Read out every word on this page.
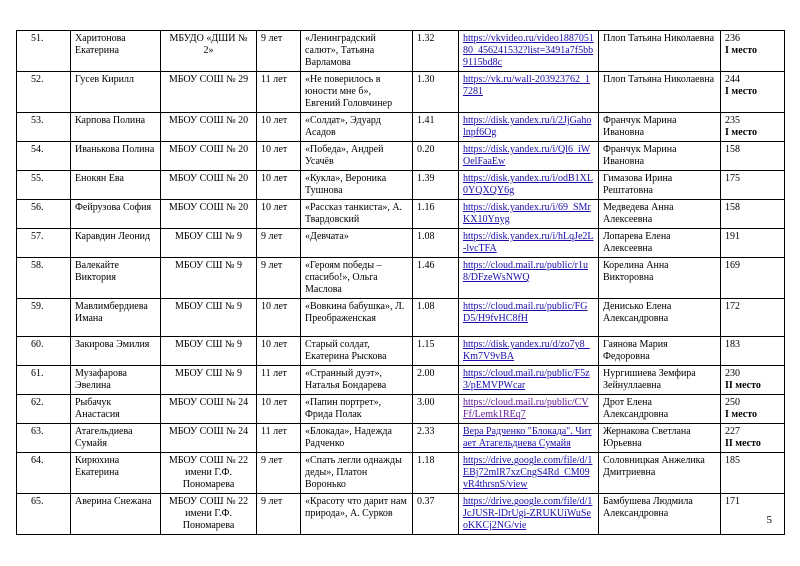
51.	Харитонова Екатерина	МБУДО «ДШИ № 2»	9 лет	«Ленинградский салют», Татьяна Варламова	1.32	https://vkvideo.ru/video188705180_456241532?list=3491a7f5bb9115bd8c	Плоп Татьяна Николаевна	236
I место

52.	Гусев Кирилл	МБОУ СОШ № 29	11 лет	«Не поверилось в юности мне б», Евгений Головчинер	1.30	https://vk.ru/wall-203923762_17281	Плоп Татьяна Николаевна	244
I место

53.	Карпова Полина	МБОУ СОШ № 20	10 лет	«Солдат», Эдуард Асадов	1.41	https://disk.yandex.ru/i/2JjGaholnpf6Og	Франчук Марина Ивановна	235
I место

54.	Иванькова Полина	МБОУ СОШ № 20	10 лет	«Победа», Андрей Усачёв	0.20	https://disk.yandex.ru/i/Ql6_iWOelFaaEw	Франчук Марина Ивановна	158
55.	Енокян Ева	МБОУ СОШ № 20	10 лет	«Кукла», Вероника Тушнова	1.39	https://disk.yandex.ru/i/odB1XL0YQXQY6g	Гимазова Ирина Рештатовна	175
56.	Фейрузова София	МБОУ СОШ № 20	10 лет	«Рассказ танкиста», А. Твардовский	1.16	https://disk.yandex.ru/i/69_SMrKX10Ynyg	Медведева Анна Алексеевна	158
57.	Каравдин Леонид	МБОУ СШ № 9	9 лет	«Девчата»	1.08	https://disk.yandex.ru/i/hLqJe2L-lvcTFA	Лопарева Елена Алексеевна	191
58.	Валекайте Виктория	МБОУ СШ № 9	9 лет	«Героям победы – спасибо!», Ольга Маслова	1.46	https://cloud.mail.ru/public/r1u8/DFzeWsNWQ	Корелина Анна Викторовна	169
59.	Мавлимбердиева Имана	МБОУ СШ № 9	10 лет	«Вовкина бабушка», Л. Преображенская	1.08	https://cloud.mail.ru/public/FGD5/H9fvHC8fH	Денисько Елена Александровна	172
60.	Закирова Эмилия	МБОУ СШ № 9	10 лет	Старый солдат, Екатерина Рыскова	1.15	https://disk.yandex.ru/d/zo7y8_Km7V9vBA	Гаянова Мария Федоровна	183
61.	Музафарова Эвелина	МБОУ СШ № 9	11 лет	«Странный дуэт», Наталья Бондарева	2.00	https://cloud.mail.ru/public/F5z3/pEMVPWcar	Нургишиева Земфира Зейнуллаевна	230
II место

62.	Рыбачук Анастасия	МБОУ СОШ № 24	10 лет	«Папин портрет», Фрида Полак	3.00	https://cloud.mail.ru/public/CVFf/Lemk1REq7	Дрот Елена Александровна	250
I место

63.	Атагельдиева Сумайя	МБОУ СОШ № 24	11 лет	«Блокада», Надежда Радченко	2.33	Вера Радченко "Блокада". Читает Атагельдиева Сумайя	Жернакова Светлана Юрьевна	227
II место

64.	Кирюхина Екатерина	МБОУ СОШ № 22 имени Г.Ф. Пономарева	9 лет	«Спать легли однажды деды», Платон Воронько	1.18	https://drive.google.com/file/d/1EBj72mlR7xzCngS4Rd_CM09vR4thrsnS/view	Соловницкая Анжелика Дмитриевна	185
65.	Аверина Снежана	МБОУ СОШ № 22 имени Г.Ф. Пономарева	9 лет	«Красоту что дарит нам природа», А. Сурков	0.37	https://drive.google.com/file/d/1JcJUSR-lDrUgi-ZRUKUiWuSeoKKCj2NG/vie	Бамбушева Людмила Александровна	171
5
